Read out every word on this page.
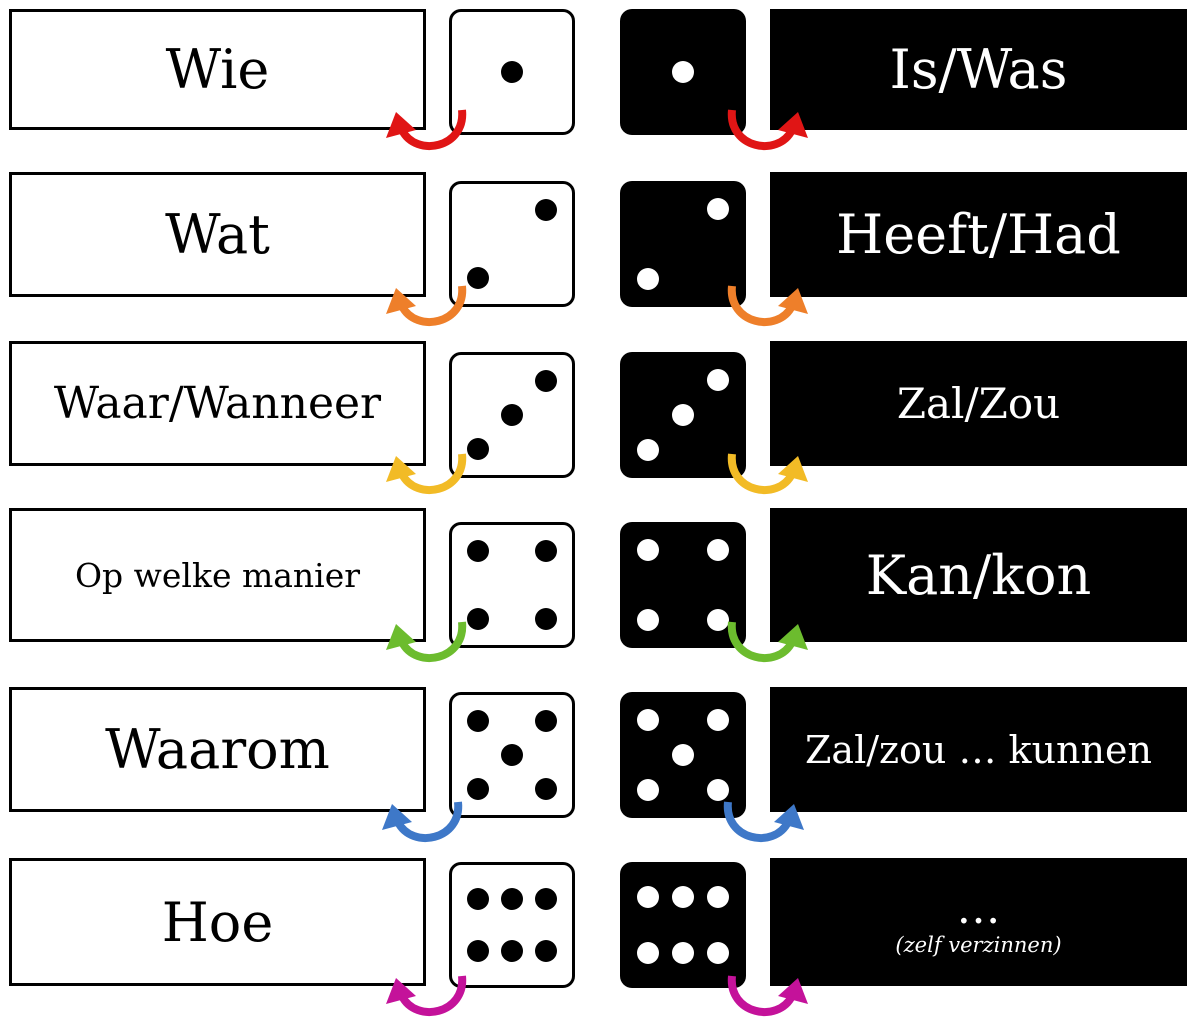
Wie	Is/Was
Wat	Heeft/Had
Waar/Wanneer	Zal/Zou
Op welke manier	Kan/kon
Waarom	Zal/zou … kunnen
Hoe	…
(zelf verzinnen)
